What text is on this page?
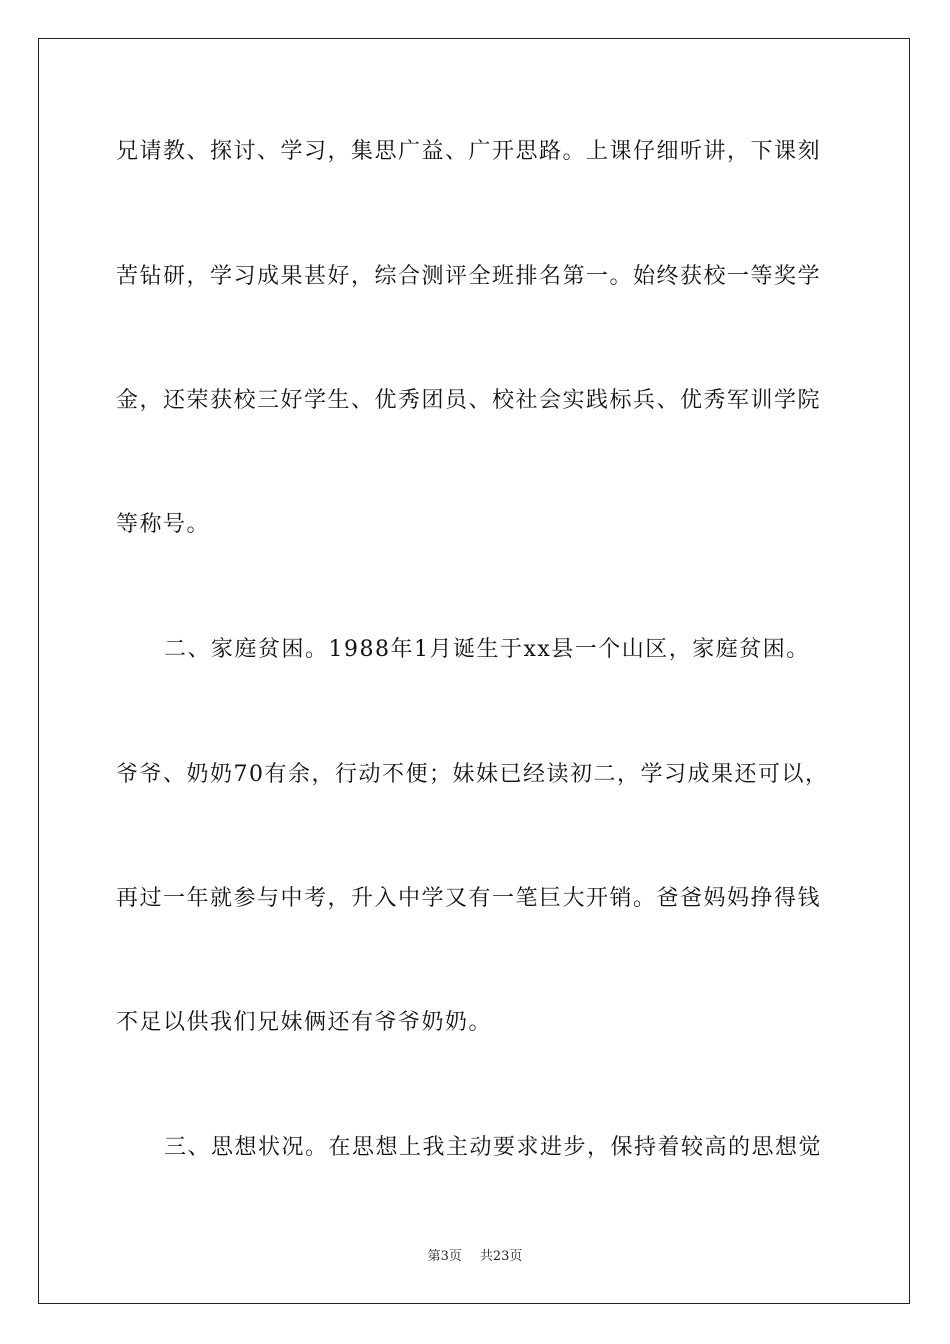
兄请教、探讨、学习，集思广益、广开思路。上课仔细听讲，下课刻
苦钻研，学习成果甚好，综合测评全班排名第一。始终获校一等奖学
金，还荣获校三好学生、优秀团员、校社会实践标兵、优秀军训学院
等称号。
二、家庭贫困。1988年1月诞生于xx县一个山区，家庭贫困。
爷爷、奶奶70有余，行动不便；妹妹已经读初二，学习成果还可以，
再过一年就参与中考，升入中学又有一笔巨大开销。爸爸妈妈挣得钱
不足以供我们兄妹俩还有爷爷奶奶。
三、思想状况。在思想上我主动要求进步，保持着较高的思想觉
第3页 共23页
